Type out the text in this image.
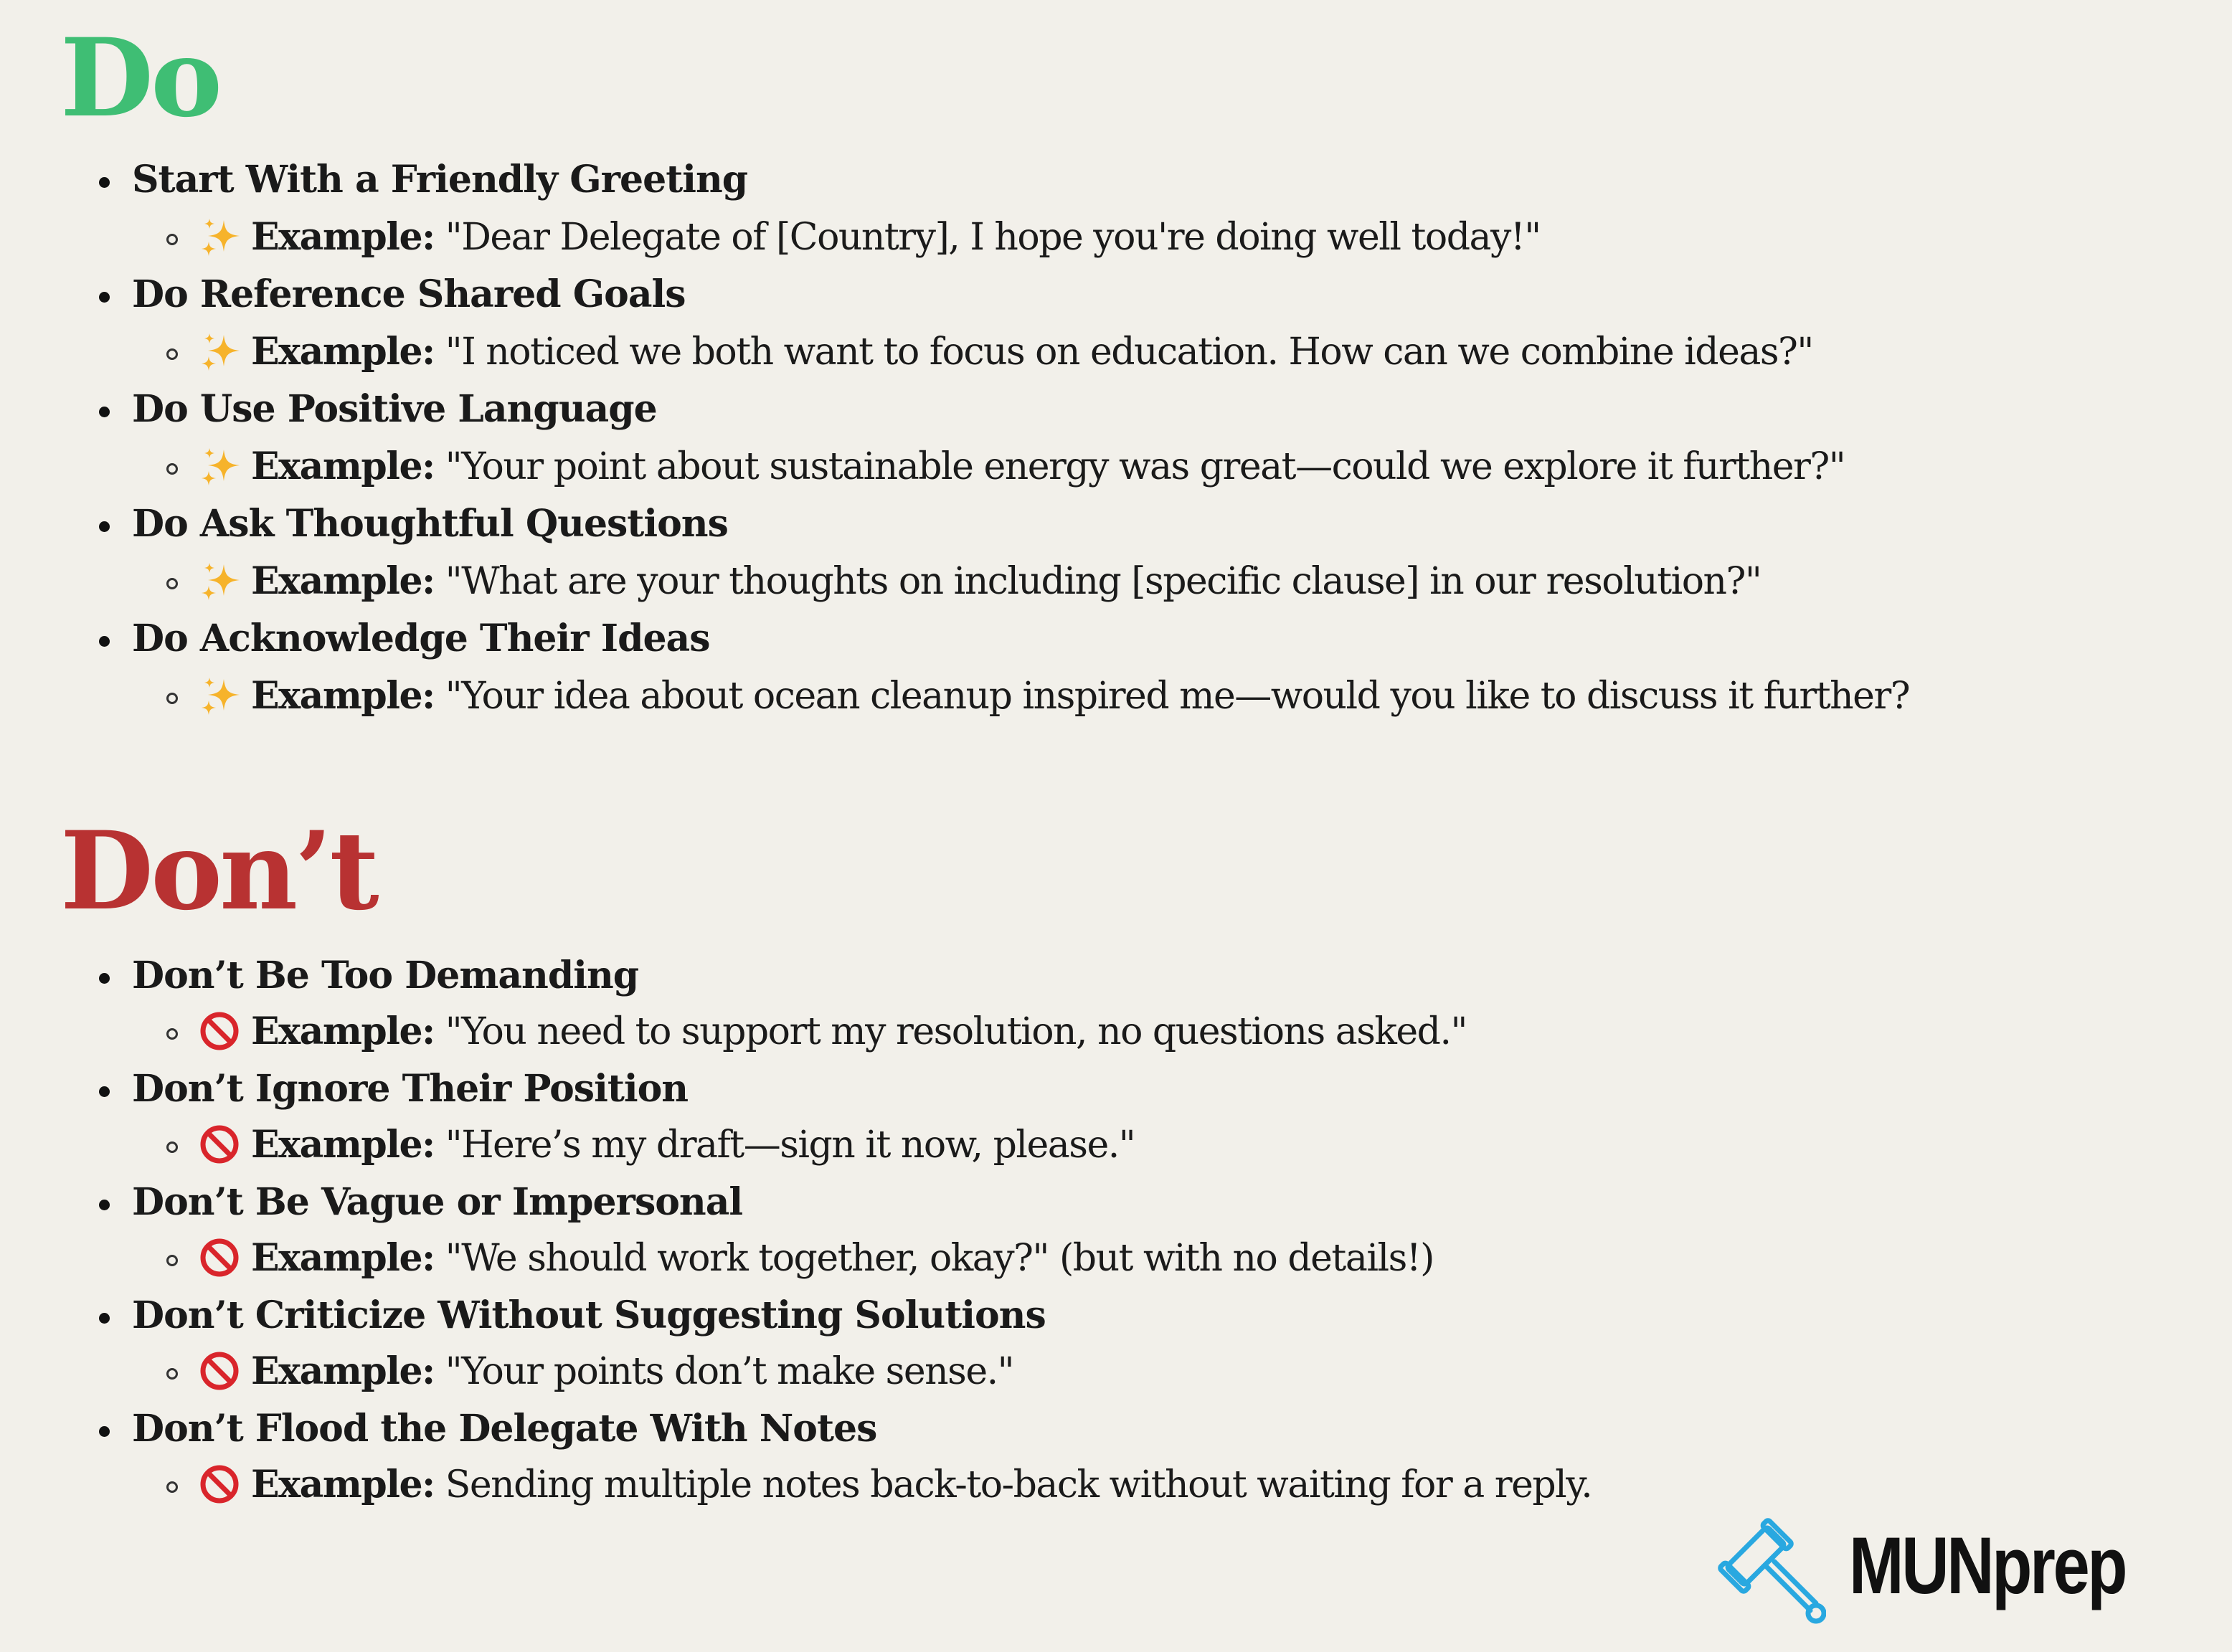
Do
Start With a Friendly Greeting
Example: "Dear Delegate of [Country], I hope you're doing well today!"
Do Reference Shared Goals
Example: "I noticed we both want to focus on education. How can we combine ideas?"
Do Use Positive Language
Example: "Your point about sustainable energy was great—could we explore it further?"
Do Ask Thoughtful Questions
Example: "What are your thoughts on including [specific clause] in our resolution?"
Do Acknowledge Their Ideas
Example: "Your idea about ocean cleanup inspired me—would you like to discuss it further?
Don’t
Don’t Be Too Demanding
Example: "You need to support my resolution, no questions asked."
Don’t Ignore Their Position
Example: "Here’s my draft—sign it now, please."
Don’t Be Vague or Impersonal
Example: "We should work together, okay?" (but with no details!)
Don’t Criticize Without Suggesting Solutions
Example: "Your points don’t make sense."
Don’t Flood the Delegate With Notes
Example: Sending multiple notes back-to-back without waiting for a reply.
MUNprep
